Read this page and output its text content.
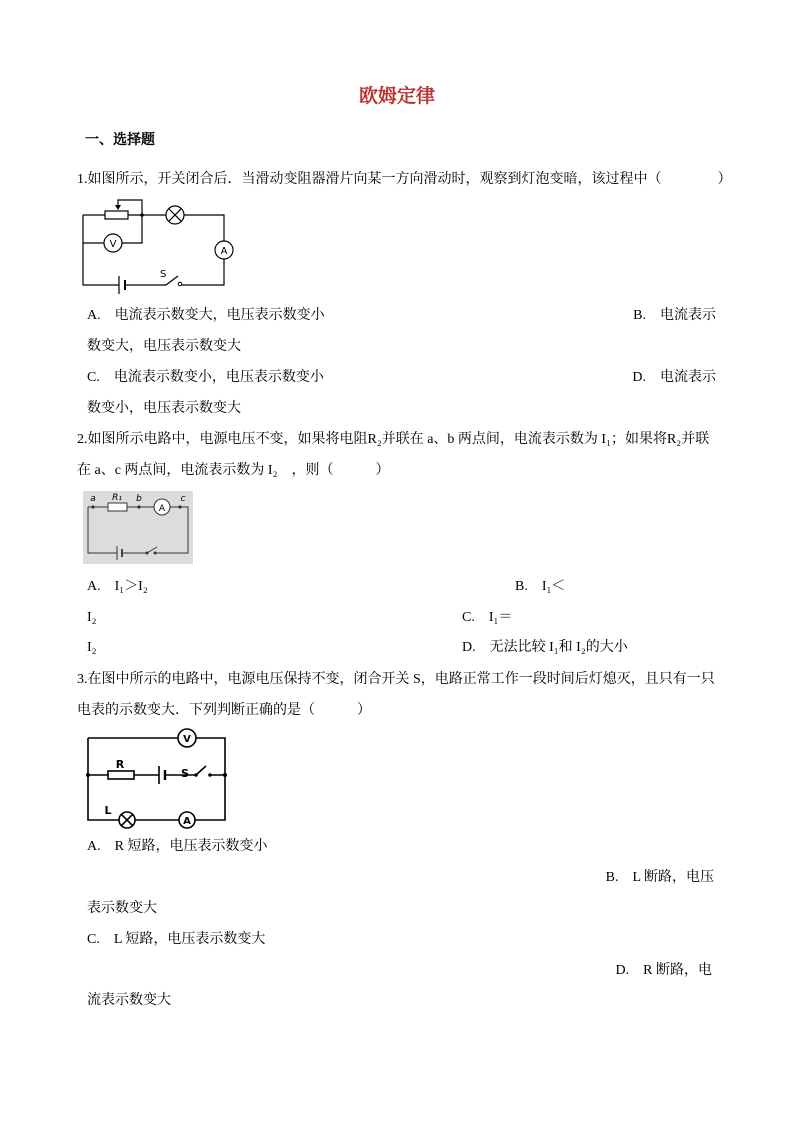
欧姆定律
一、选择题
1.如图所示，开关闭合后．当滑动变阻器滑片向某一方向滑动时，观察到灯泡变暗，该过程中（　　　　）
A
V
S
A.　电流表示数变大，电压表示数变小	B.　电流表示
数变大，电压表示数变大
C.　电流表示数变小，电压表示数变小	D.　电流表示
数变小，电压表示数变大
2.如图所示电路中，电源电压不变，如果将电阻R₂并联在 a、b 两点间，电流表示数为 I₁；如果将R₂并联
在 a、c 两点间，电流表示数为 I₂　，则（　　　）
A
a R₁ b	c
A.　I₁＞I₂	B.　I₁＜
I₂	C.　I₁＝
I₂	D.　无法比较 I₁和 I₂的大小
3.在图中所示的电路中，电源电压保持不变，闭合开关 S，电路正常工作一段时间后灯熄灭，且只有一只
电表的示数变大．下列判断正确的是（　　　）
V
R
S
L
A
A.　R 短路，电压表示数变小
B.　L 断路，电压
表示数变大
C.　L 短路，电压表示数变大
D.　R 断路，电
流表示数变大
